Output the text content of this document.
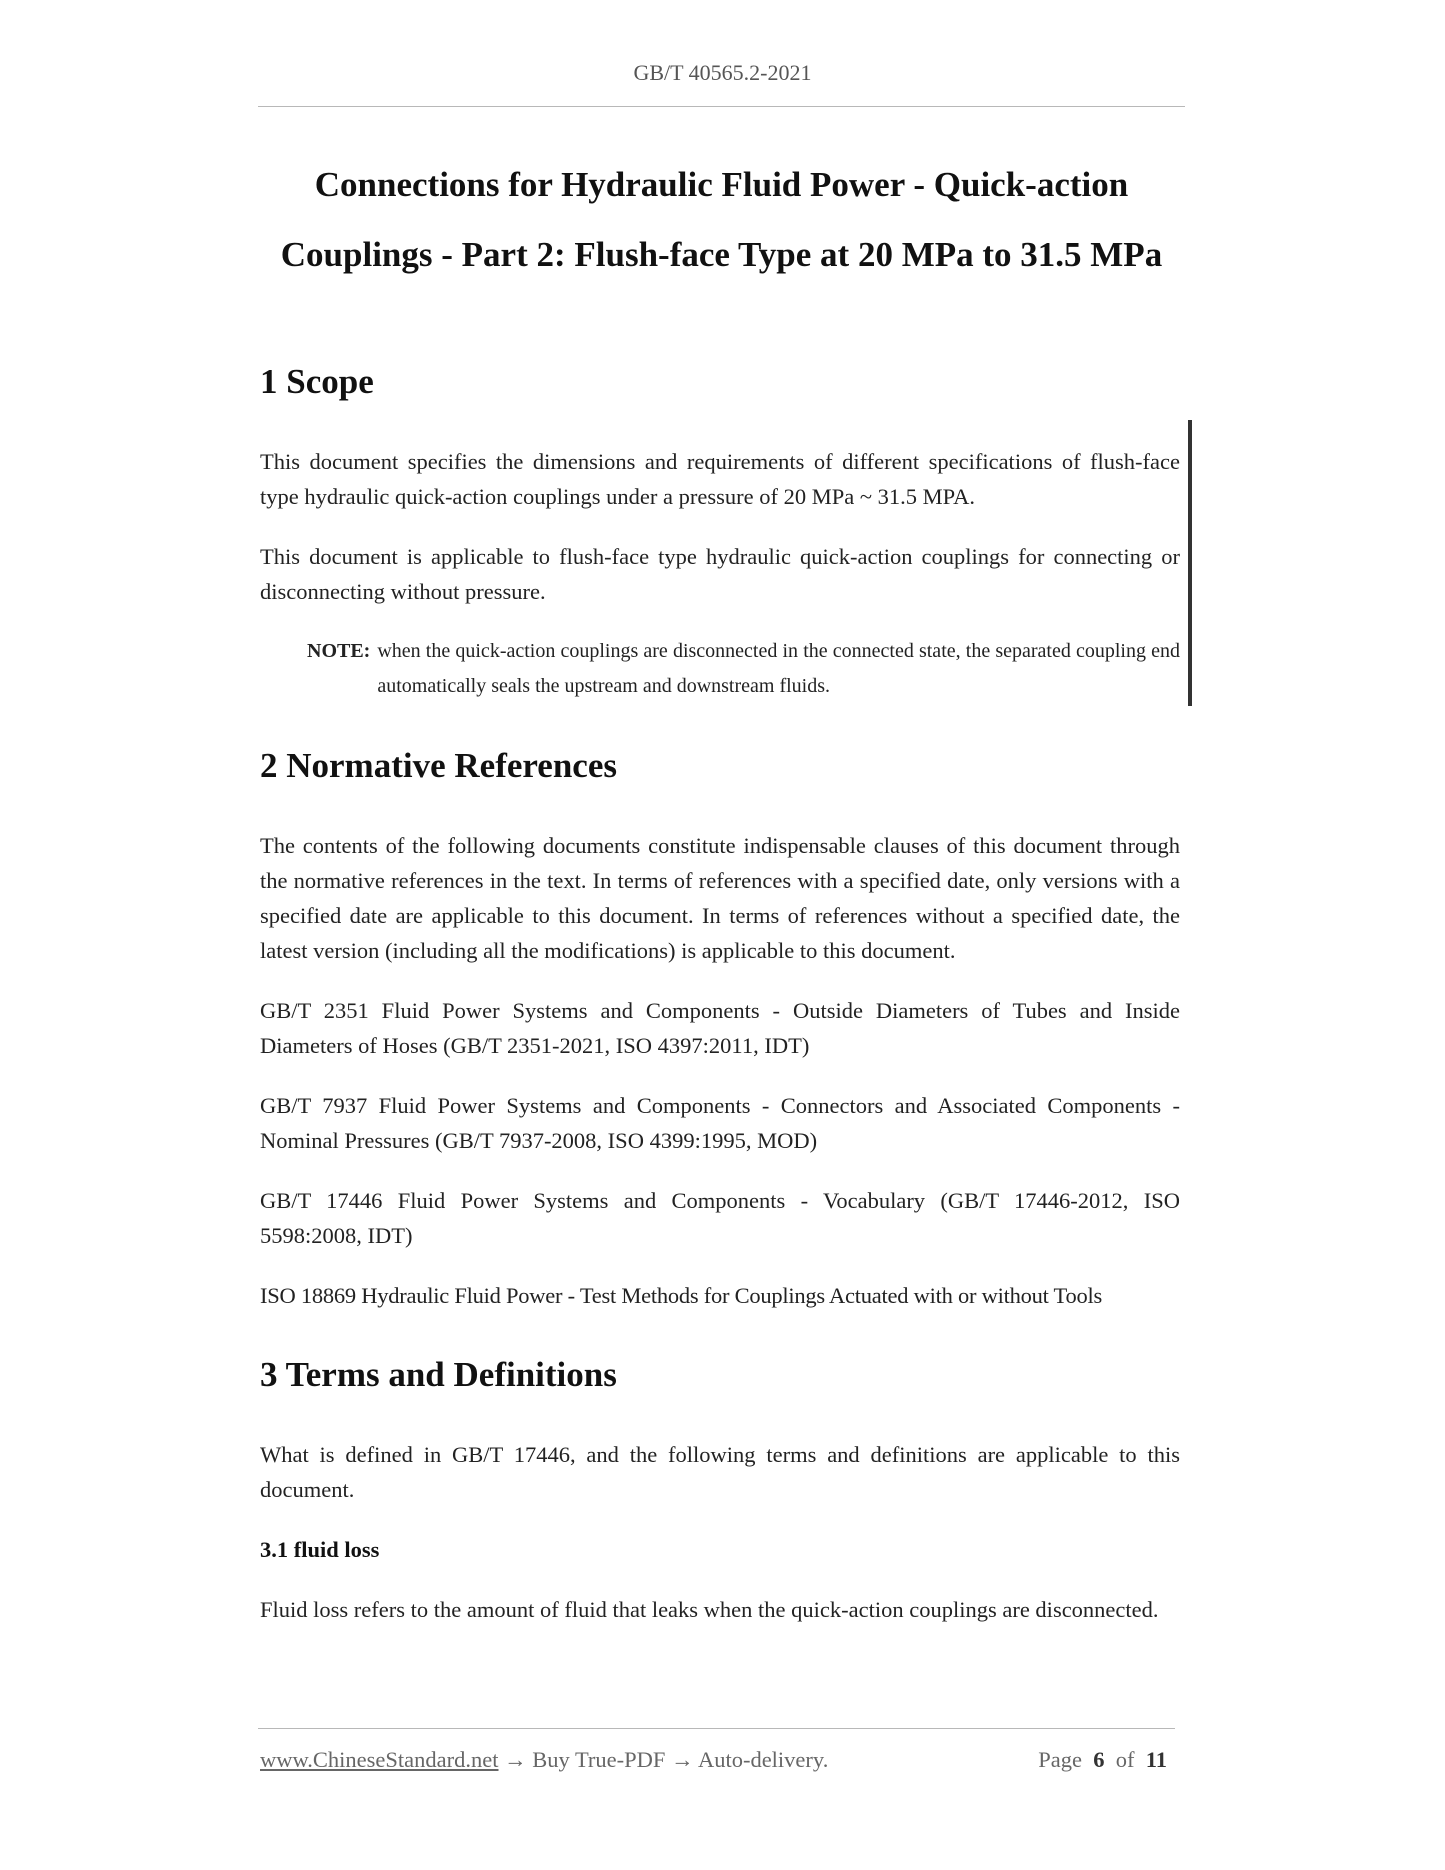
GB/T 40565.2-2021
Connections for Hydraulic Fluid Power - Quick-action
Couplings - Part 2: Flush-face Type at 20 MPa to 31.5 MPa
1 Scope

This document specifies the dimensions and requirements of different specifications of flush-face type hydraulic quick-action couplings under a pressure of 20 MPa ~ 31.5 MPA.

This document is applicable to flush-face type hydraulic quick-action couplings for connecting or disconnecting without pressure.

NOTE: when the quick-action couplings are disconnected in the connected state, the separated coupling end automatically seals the upstream and downstream fluids.
2 Normative References

The contents of the following documents constitute indispensable clauses of this document through the normative references in the text. In terms of references with a specified date, only versions with a specified date are applicable to this document. In terms of references without a specified date, the latest version (including all the modifications) is applicable to this document.

GB/T 2351 Fluid Power Systems and Components - Outside Diameters of Tubes and Inside Diameters of Hoses (GB/T 2351-2021, ISO 4397:2011, IDT)

GB/T 7937 Fluid Power Systems and Components - Connectors and Associated Components - Nominal Pressures (GB/T 7937-2008, ISO 4399:1995, MOD)

GB/T 17446 Fluid Power Systems and Components - Vocabulary (GB/T 17446-2012, ISO 5598:2008, IDT)

ISO 18869 Hydraulic Fluid Power - Test Methods for Couplings Actuated with or without Tools

3 Terms and Definitions

What is defined in GB/T 17446, and the following terms and definitions are applicable to this document.

3.1 fluid loss

Fluid loss refers to the amount of fluid that leaks when the quick-action couplings are disconnected.

www.ChineseStandard.net → Buy True-PDF → Auto-delivery.	Page 6 of 11
